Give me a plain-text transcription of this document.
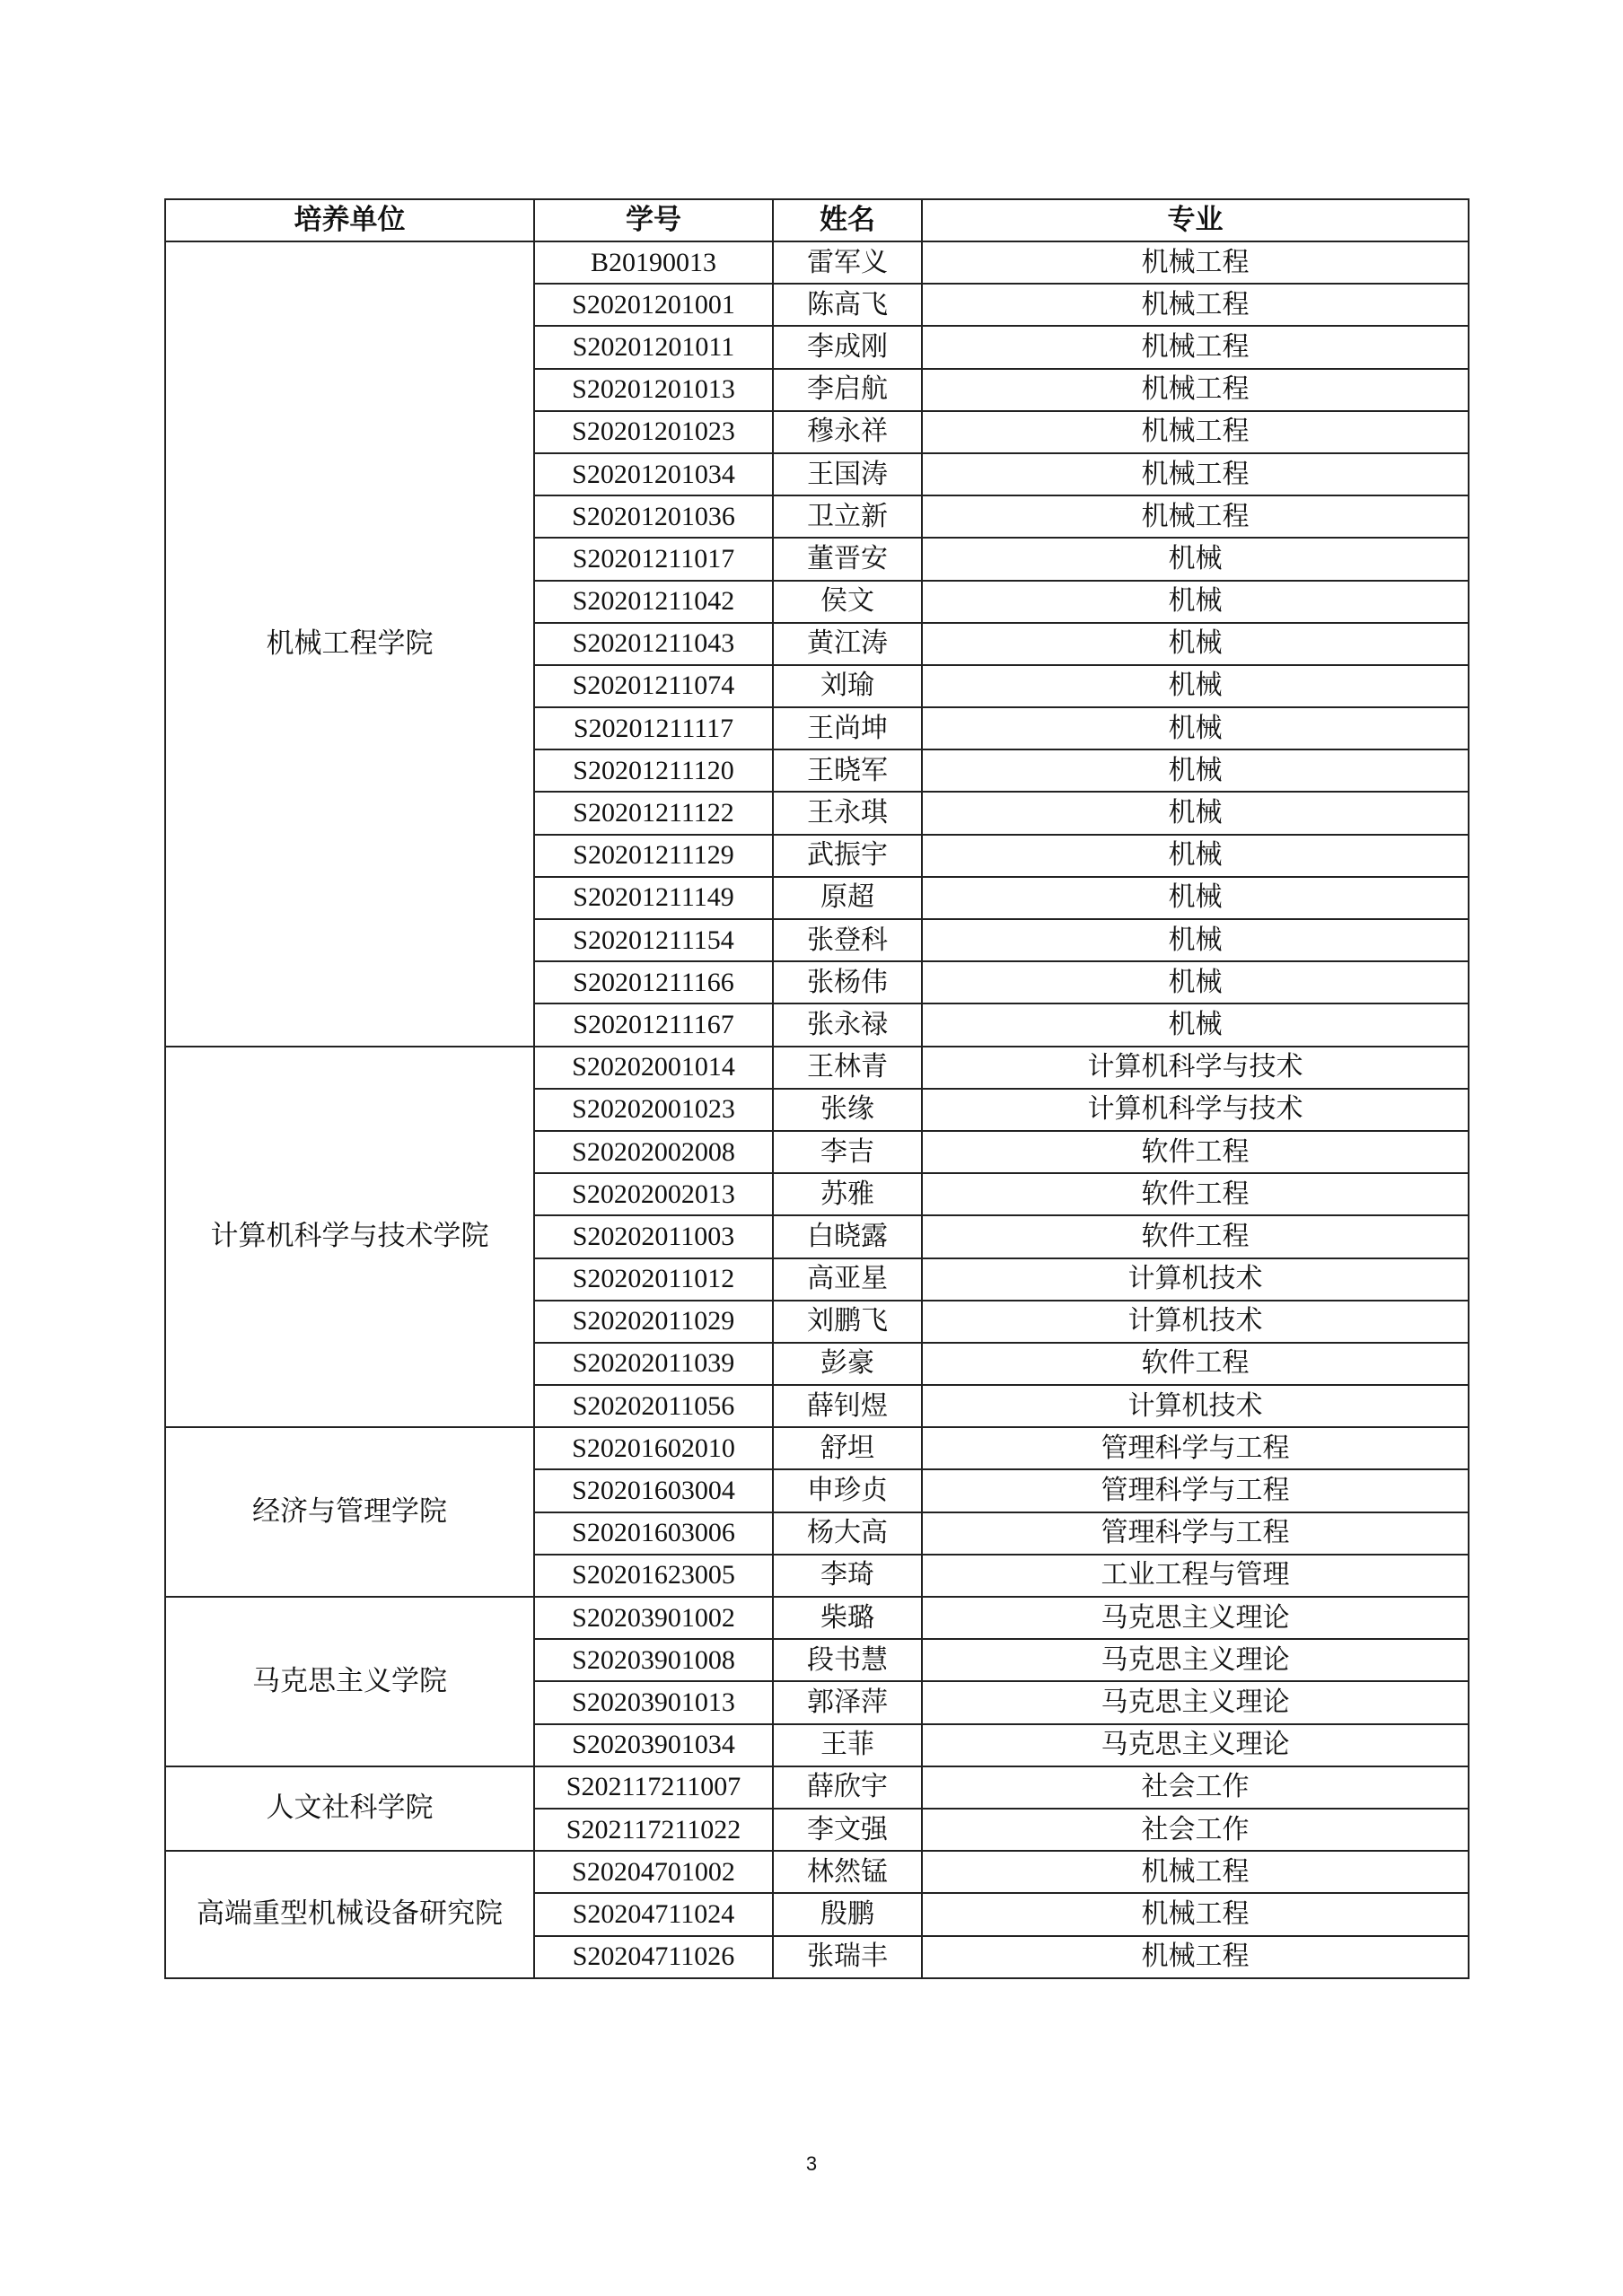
培养单位	学号	姓名	专业
机械工程学院	B20190013	雷军义	机械工程
	S20201201001	陈高飞	机械工程
	S20201201011	李成刚	机械工程
	S20201201013	李启航	机械工程
	S20201201023	穆永祥	机械工程
	S20201201034	王国涛	机械工程
	S20201201036	卫立新	机械工程
	S20201211017	董晋安	机械
	S20201211042	侯文	机械
	S20201211043	黄江涛	机械
	S20201211074	刘瑜	机械
	S20201211117	王尚坤	机械
	S20201211120	王晓军	机械
	S20201211122	王永琪	机械
	S20201211129	武振宇	机械
	S20201211149	原超	机械
	S20201211154	张登科	机械
	S20201211166	张杨伟	机械
	S20201211167	张永禄	机械
计算机科学与技术学院	S20202001014	王林青	计算机科学与技术
	S20202001023	张缘	计算机科学与技术
	S20202002008	李吉	软件工程
	S20202002013	苏雅	软件工程
	S20202011003	白晓露	软件工程
	S20202011012	高亚星	计算机技术
	S20202011029	刘鹏飞	计算机技术
	S20202011039	彭豪	软件工程
	S20202011056	薛钊煜	计算机技术
经济与管理学院	S20201602010	舒坦	管理科学与工程
	S20201603004	申珍贞	管理科学与工程
	S20201603006	杨大高	管理科学与工程
	S20201623005	李琦	工业工程与管理
马克思主义学院	S20203901002	柴璐	马克思主义理论
	S20203901008	段书慧	马克思主义理论
	S20203901013	郭泽萍	马克思主义理论
	S20203901034	王菲	马克思主义理论
人文社科学院	S202117211007	薛欣宇	社会工作
	S202117211022	李文强	社会工作
高端重型机械设备研究院	S20204701002	林然锰	机械工程
	S20204711024	殷鹏	机械工程
	S20204711026	张瑞丰	机械工程
3
